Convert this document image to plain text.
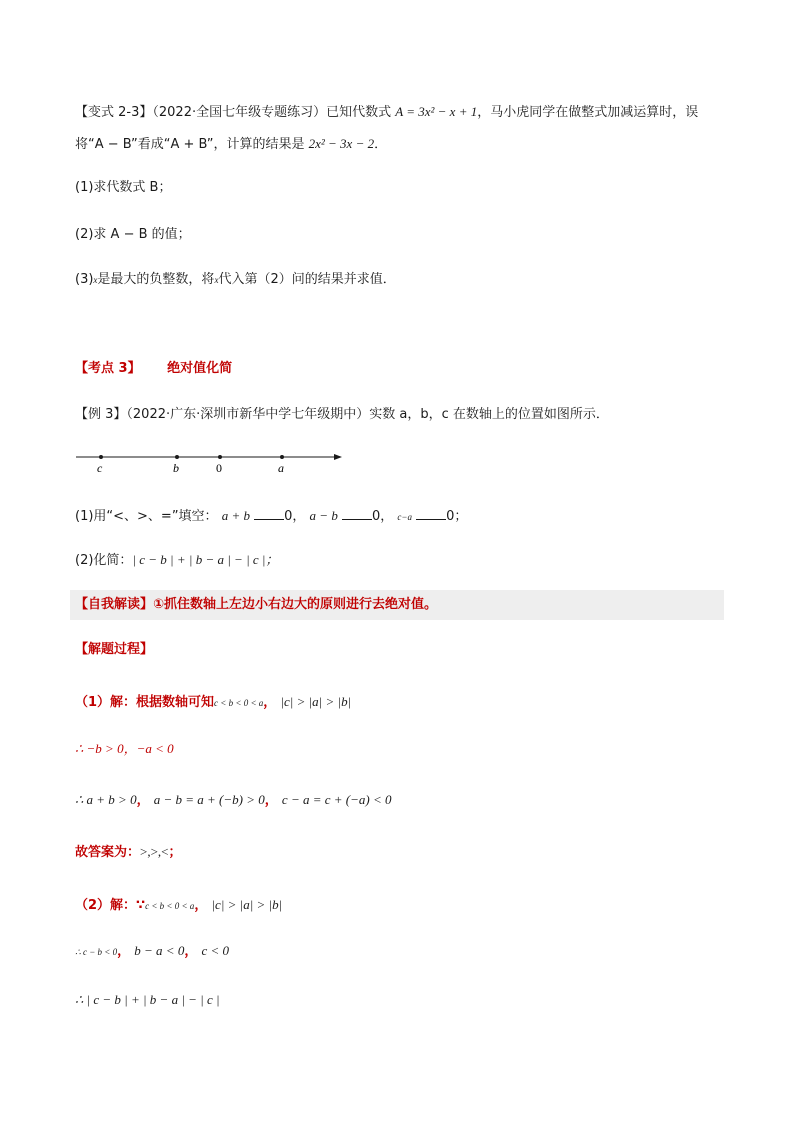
【变式 2-3】（2022·全国七年级专题练习）已知代数式 A = 3x² − x + 1，马小虎同学在做整式加减运算时，误
将“A − B”看成“A + B”，计算的结果是 2x² − 3x − 2．
(1)求代数式 B；
(2)求 A − B 的值；
(3)x是最大的负整数，将x代入第（2）问的结果并求值．
【考点 3】 绝对值化简
【例 3】（2022·广东·深圳市新华中学七年级期中）实数 a，b，c 在数轴上的位置如图所示．
c	b	0	a
(1)用“<、>、=”填空： a + b	0， a − b	0， c−a	0；
(2)化简：| c − b | + | b − a | − | c |；
【自我解读】①抓住数轴上左边小右边大的原则进行去绝对值。
【解题过程】
（1）解：根据数轴可知c < b < 0 < a， |c| > |a| > |b|
∴ −b > 0，−a < 0
∴ a + b > 0， a − b = a + (−b) > 0， c − a = c + (−a) < 0
故答案为：>,>,<；
（2）解：∵c < b < 0 < a， |c| > |a| > |b|
∴ c − b < 0， b − a < 0， c < 0
∴ | c − b | + | b − a | − | c |
